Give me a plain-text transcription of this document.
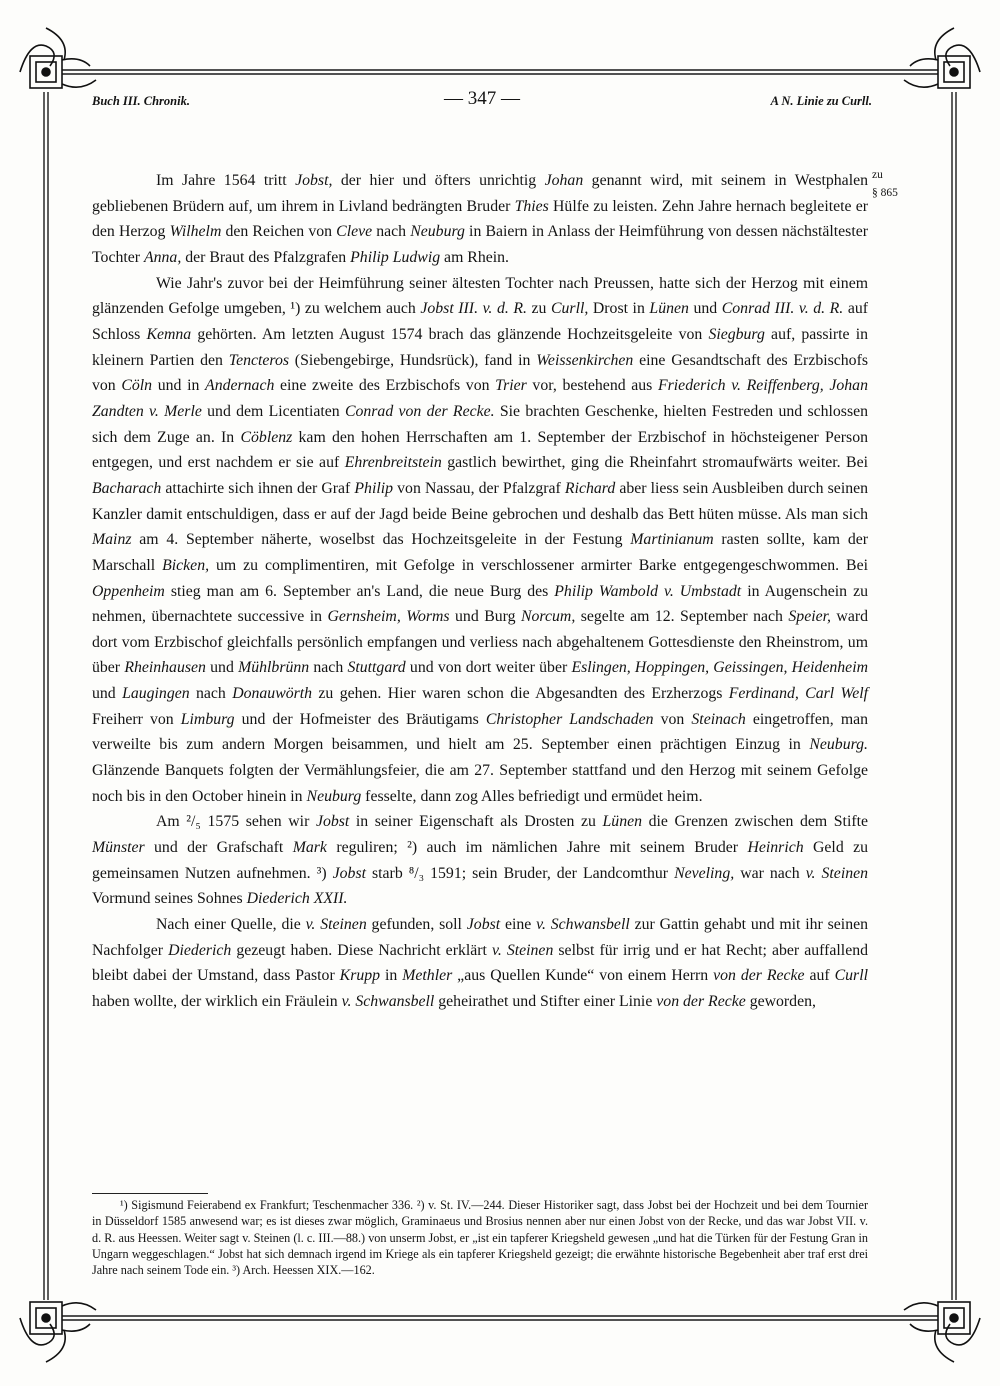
Buch III. Chronik.	— 347 —	A N. Linie zu Curll.
zu
§ 865

Im Jahre 1564 tritt Jobst, der hier und öfters unrichtig Johan genannt wird, mit seinem in Westphalen gebliebenen Brüdern auf, um ihrem in Livland bedrängten Bruder Thies Hülfe zu leisten. Zehn Jahre hernach begleitete er den Herzog Wilhelm den Reichen von Cleve nach Neuburg in Baiern in Anlass der Heimführung von dessen nächstältester Tochter Anna, der Braut des Pfalzgrafen Philip Ludwig am Rhein.

Wie Jahr's zuvor bei der Heimführung seiner ältesten Tochter nach Preussen, hatte sich der Herzog mit einem glänzenden Gefolge umgeben, ¹) zu welchem auch Jobst III. v. d. R. zu Curll, Drost in Lünen und Conrad III. v. d. R. auf Schloss Kemna gehörten. Am letzten August 1574 brach das glänzende Hochzeitsgeleite von Siegburg auf, passirte in kleinern Partien den Tencteros (Siebengebirge, Hundsrück), fand in Weissenkirchen eine Gesandtschaft des Erzbischofs von Cöln und in Andernach eine zweite des Erzbischofs von Trier vor, bestehend aus Friederich v. Reiffenberg, Johan Zandten v. Merle und dem Licentiaten Conrad von der Recke. Sie brachten Geschenke, hielten Festreden und schlossen sich dem Zuge an. In Cöblenz kam den hohen Herrschaften am 1. September der Erzbischof in höchsteigener Person entgegen, und erst nachdem er sie auf Ehrenbreitstein gastlich bewirthet, ging die Rheinfahrt stromaufwärts weiter. Bei Bacharach attachirte sich ihnen der Graf Philip von Nassau, der Pfalzgraf Richard aber liess sein Ausbleiben durch seinen Kanzler damit entschuldigen, dass er auf der Jagd beide Beine gebrochen und deshalb das Bett hüten müsse. Als man sich Mainz am 4. September näherte, woselbst das Hochzeitsgeleite in der Festung Martinianum rasten sollte, kam der Marschall Bicken, um zu complimentiren, mit Gefolge in verschlossener armirter Barke entgegengeschwommen. Bei Oppenheim stieg man am 6. September an's Land, die neue Burg des Philip Wambold v. Umbstadt in Augenschein zu nehmen, übernachtete successive in Gernsheim, Worms und Burg Norcum, segelte am 12. September nach Speier, ward dort vom Erzbischof gleichfalls persönlich empfangen und verliess nach abgehaltenem Gottesdienste den Rheinstrom, um über Rheinhausen und Mühlbrünn nach Stuttgard und von dort weiter über Eslingen, Hoppingen, Geissingen, Heidenheim und Laugingen nach Donauwörth zu gehen. Hier waren schon die Abgesandten des Erzherzogs Ferdinand, Carl Welf Freiherr von Limburg und der Hofmeister des Bräutigams Christopher Landschaden von Steinach eingetroffen, man verweilte bis zum andern Morgen beisammen, und hielt am 25. September einen prächtigen Einzug in Neuburg. Glänzende Banquets folgten der Vermählungsfeier, die am 27. September stattfand und den Herzog mit seinem Gefolge noch bis in den October hinein in Neuburg fesselte, dann zog Alles befriedigt und ermüdet heim.

Am ²/₅ 1575 sehen wir Jobst in seiner Eigenschaft als Drosten zu Lünen die Grenzen zwischen dem Stifte Münster und der Grafschaft Mark reguliren; ²) auch im nämlichen Jahre mit seinem Bruder Heinrich Geld zu gemeinsamen Nutzen aufnehmen. ³) Jobst starb ⁸/₃ 1591; sein Bruder, der Landcomthur Neveling, war nach v. Steinen Vormund seines Sohnes Diederich XXII.

Nach einer Quelle, die v. Steinen gefunden, soll Jobst eine v. Schwansbell zur Gattin gehabt und mit ihr seinen Nachfolger Diederich gezeugt haben. Diese Nachricht erklärt v. Steinen selbst für irrig und er hat Recht; aber auffallend bleibt dabei der Umstand, dass Pastor Krupp in Methler „aus Quellen Kunde“ von einem Herrn von der Recke auf Curll haben wollte, der wirklich ein Fräulein v. Schwansbell geheirathet und Stifter einer Linie von der Recke geworden,

¹) Sigismund Feierabend ex Frankfurt; Teschenmacher 336. ²) v. St. IV.—244. Dieser Historiker sagt, dass Jobst bei der Hochzeit und bei dem Tournier in Düsseldorf 1585 anwesend war; es ist dieses zwar möglich, Graminaeus und Brosius nennen aber nur einen Jobst von der Recke, und das war Jobst VII. v. d. R. aus Heessen. Weiter sagt v. Steinen (l. c. III.—88.) von unserm Jobst, er „ist ein tapferer Kriegsheld gewesen „und hat die Türken für der Festung Gran in Ungarn weggeschlagen.“ Jobst hat sich demnach irgend im Kriege als ein tapferer Kriegsheld gezeigt; die erwähnte historische Begebenheit aber traf erst drei Jahre nach seinem Tode ein. ³) Arch. Heessen XIX.—162.
